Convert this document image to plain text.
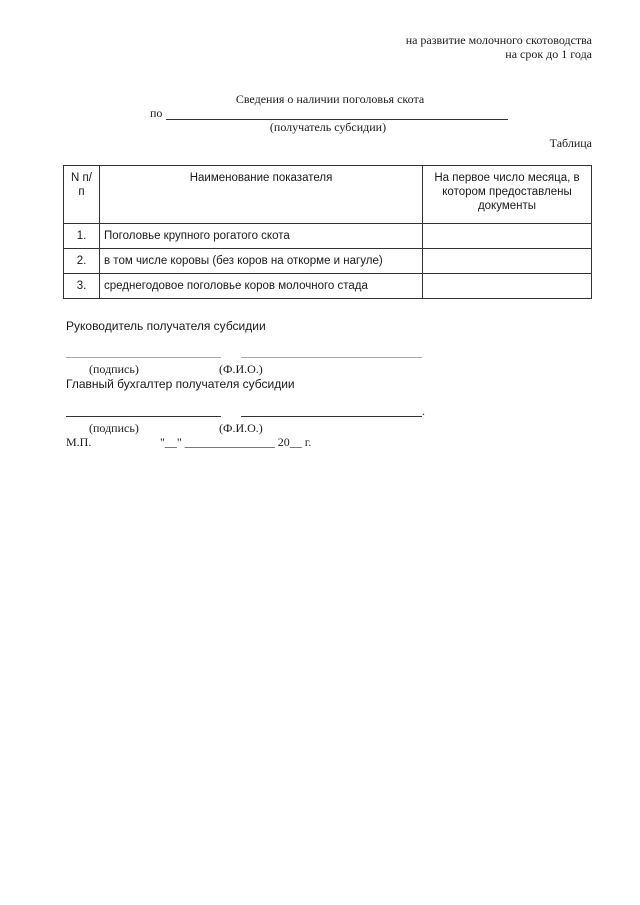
на развитие молочного скотоводства
на срок до 1 года
Сведения о наличии поголовья скота
по
(получатель субсидии)
Таблица
N п/п	Наименование показателя	На первое число месяца, в котором предоставлены документы
1.	Поголовье крупного рогатого скота	
2.	в том числе коровы (без коров на откорме и нагуле)	
3.	среднегодовое поголовье коров молочного стада	
Руководитель получателя субсидии
(подпись)	(Ф.И.О.)
Главный бухгалтер получателя субсидии
.
(подпись)	(Ф.И.О.)
М.П.	"__" _______________ 20__ г.
